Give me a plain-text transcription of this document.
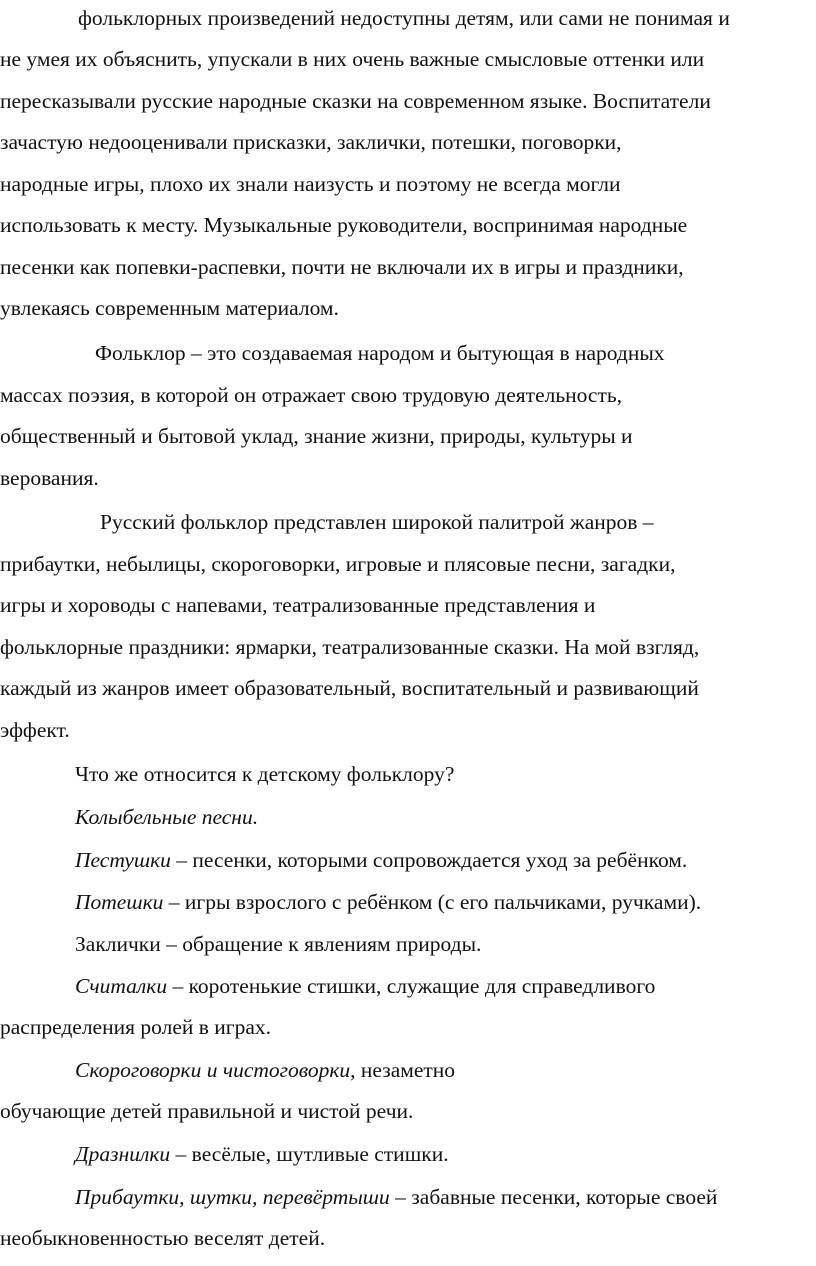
фольклорных произведений недоступны детям, или сами не понимая и

не умея их объяснить, упускали в них очень важные смысловые оттенки или

пересказывали русские народные сказки на современном языке. Воспитатели

зачастую недооценивали присказки, заклички, потешки, поговорки,

народные игры, плохо их знали наизусть и поэтому не всегда могли

использовать к месту. Музыкальные руководители, воспринимая народные

песенки как попевки-распевки, почти не включали их в игры и праздники,

увлекаясь современным материалом.

Фольклор – это создаваемая народом и бытующая в народных

массах поэзия, в которой он отражает свою трудовую деятельность,

общественный и бытовой уклад, знание жизни, природы, культуры и

верования.

Русский фольклор представлен широкой палитрой жанров –

прибаутки, небылицы, скороговорки, игровые и плясовые песни, загадки,

игры и хороводы с напевами, театрализованные представления и

фольклорные праздники: ярмарки, театрализованные сказки. На мой взгляд,

каждый из жанров имеет образовательный, воспитательный и развивающий

эффект.

Что же относится к детскому фольклору?

Колыбельные песни.

Пестушки – песенки, которыми сопровождается уход за ребёнком.

Потешки – игры взрослого с ребёнком (с его пальчиками, ручками).

Заклички – обращение к явлениям природы.

Считалки – коротенькие стишки, служащие для справедливого

распределения ролей в играх.

Скороговорки и чистоговорки, незаметно

обучающие детей правильной и чистой речи.

Дразнилки – весёлые, шутливые стишки.

Прибаутки, шутки, перевёртыши – забавные песенки, которые своей

необыкновенностью веселят детей.
